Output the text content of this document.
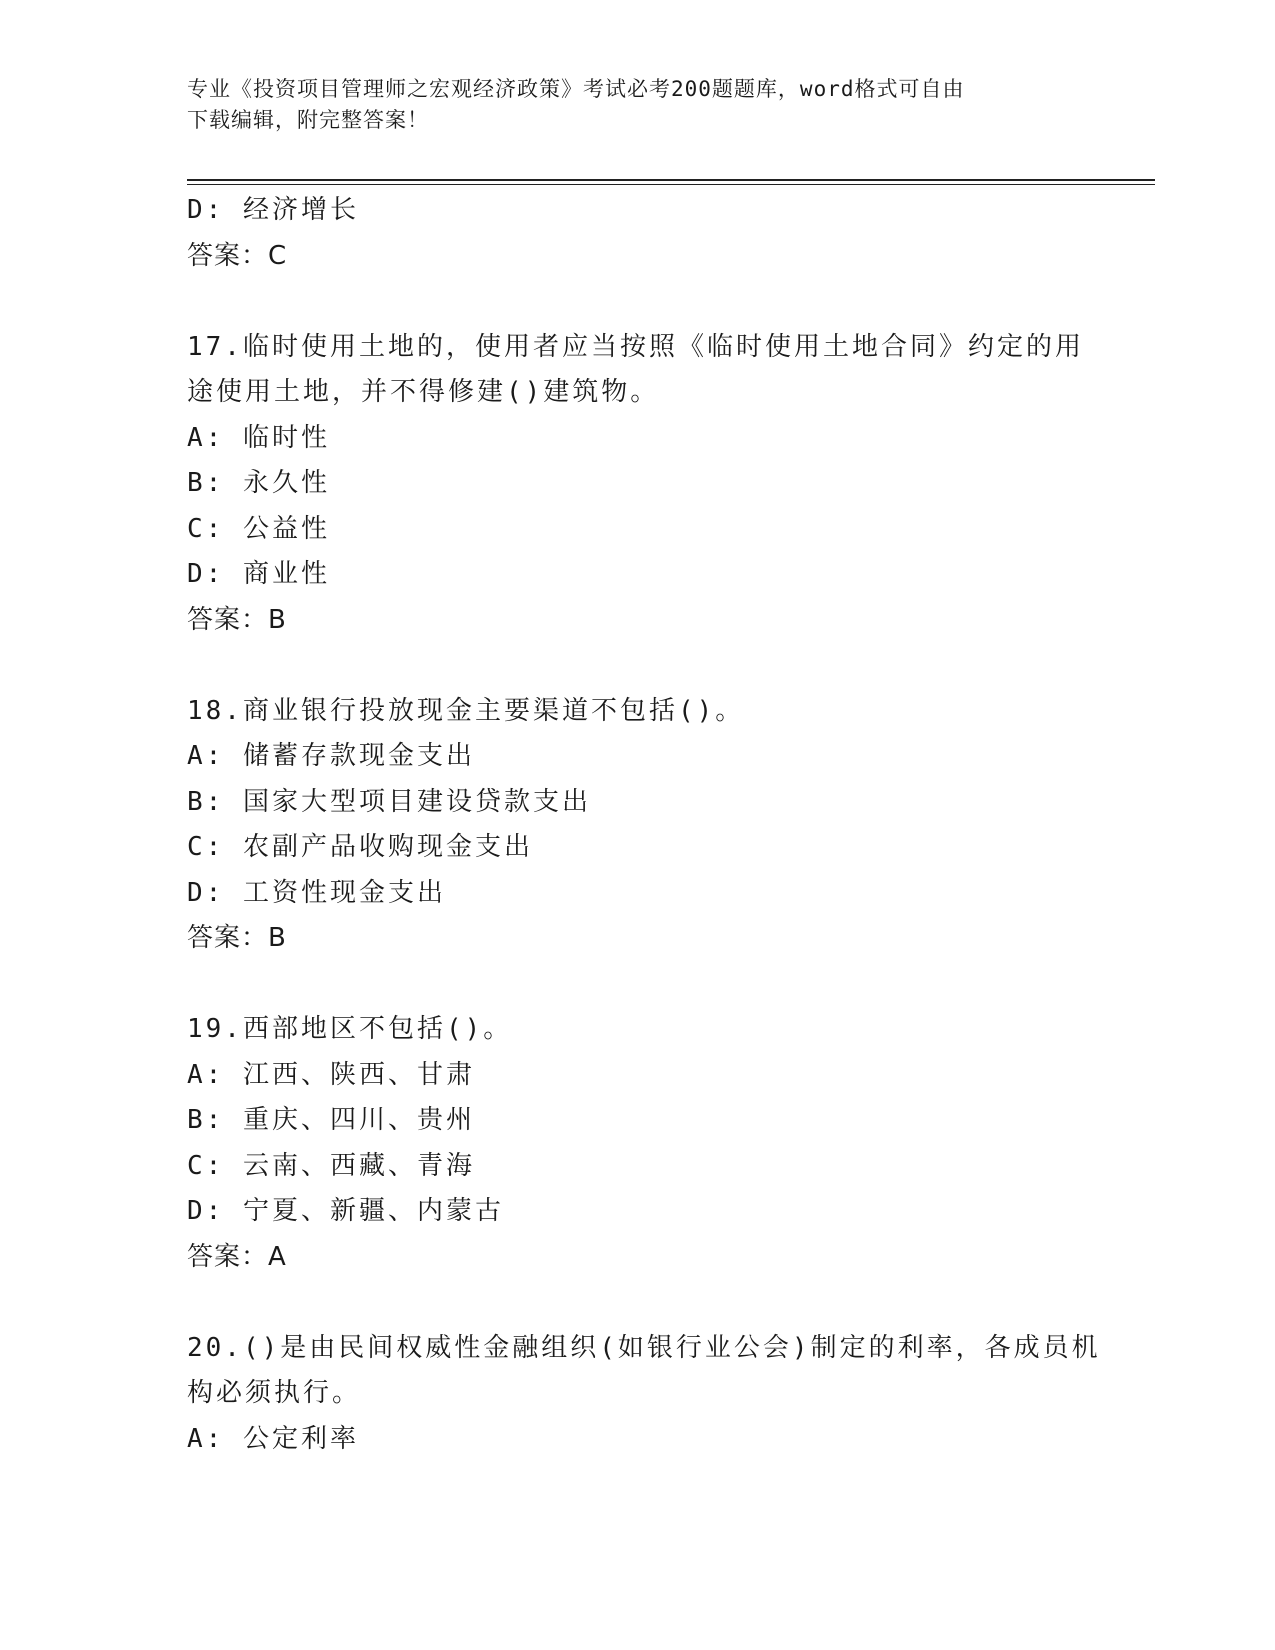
专业《投资项目管理师之宏观经济政策》考试必考200题题库，word格式可自由
下载编辑，附完整答案！
D: 经济增长
答案：C
17.临时使用土地的，使用者应当按照《临时使用土地合同》约定的用
途使用土地，并不得修建()建筑物。
A: 临时性
B: 永久性
C: 公益性
D: 商业性
答案：B
18.商业银行投放现金主要渠道不包括()。
A: 储蓄存款现金支出
B: 国家大型项目建设贷款支出
C: 农副产品收购现金支出
D: 工资性现金支出
答案：B
19.西部地区不包括()。
A: 江西、陕西、甘肃
B: 重庆、四川、贵州
C: 云南、西藏、青海
D: 宁夏、新疆、内蒙古
答案：A
20.()是由民间权威性金融组织(如银行业公会)制定的利率，各成员机
构必须执行。
A: 公定利率
